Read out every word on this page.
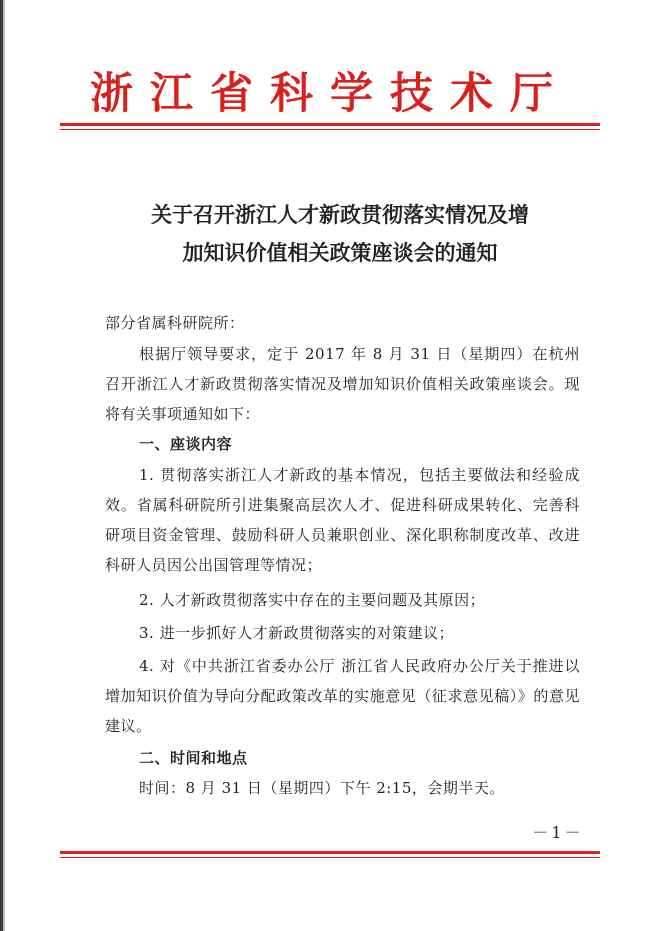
浙江省科学技术厅
关于召开浙江人才新政贯彻落实情况及增
加知识价值相关政策座谈会的通知
部分省属科研院所：
根据厅领导要求，定于 2017 年 8 月 31 日（星期四）在杭州召开浙江人才新政贯彻落实情况及增加知识价值相关政策座谈会。现将有关事项通知如下：
一、座谈内容
1. 贯彻落实浙江人才新政的基本情况，包括主要做法和经验成效。省属科研院所引进集聚高层次人才、促进科研成果转化、完善科研项目资金管理、鼓励科研人员兼职创业、深化职称制度改革、改进科研人员因公出国管理等情况；
2. 人才新政贯彻落实中存在的主要问题及其原因；
3. 进一步抓好人才新政贯彻落实的对策建议；
4. 对《中共浙江省委办公厅 浙江省人民政府办公厅关于推进以增加知识价值为导向分配政策改革的实施意见（征求意见稿）》的意见建议。
二、时间和地点
时间：8 月 31 日（星期四）下午 2:15，会期半天。
－1－
